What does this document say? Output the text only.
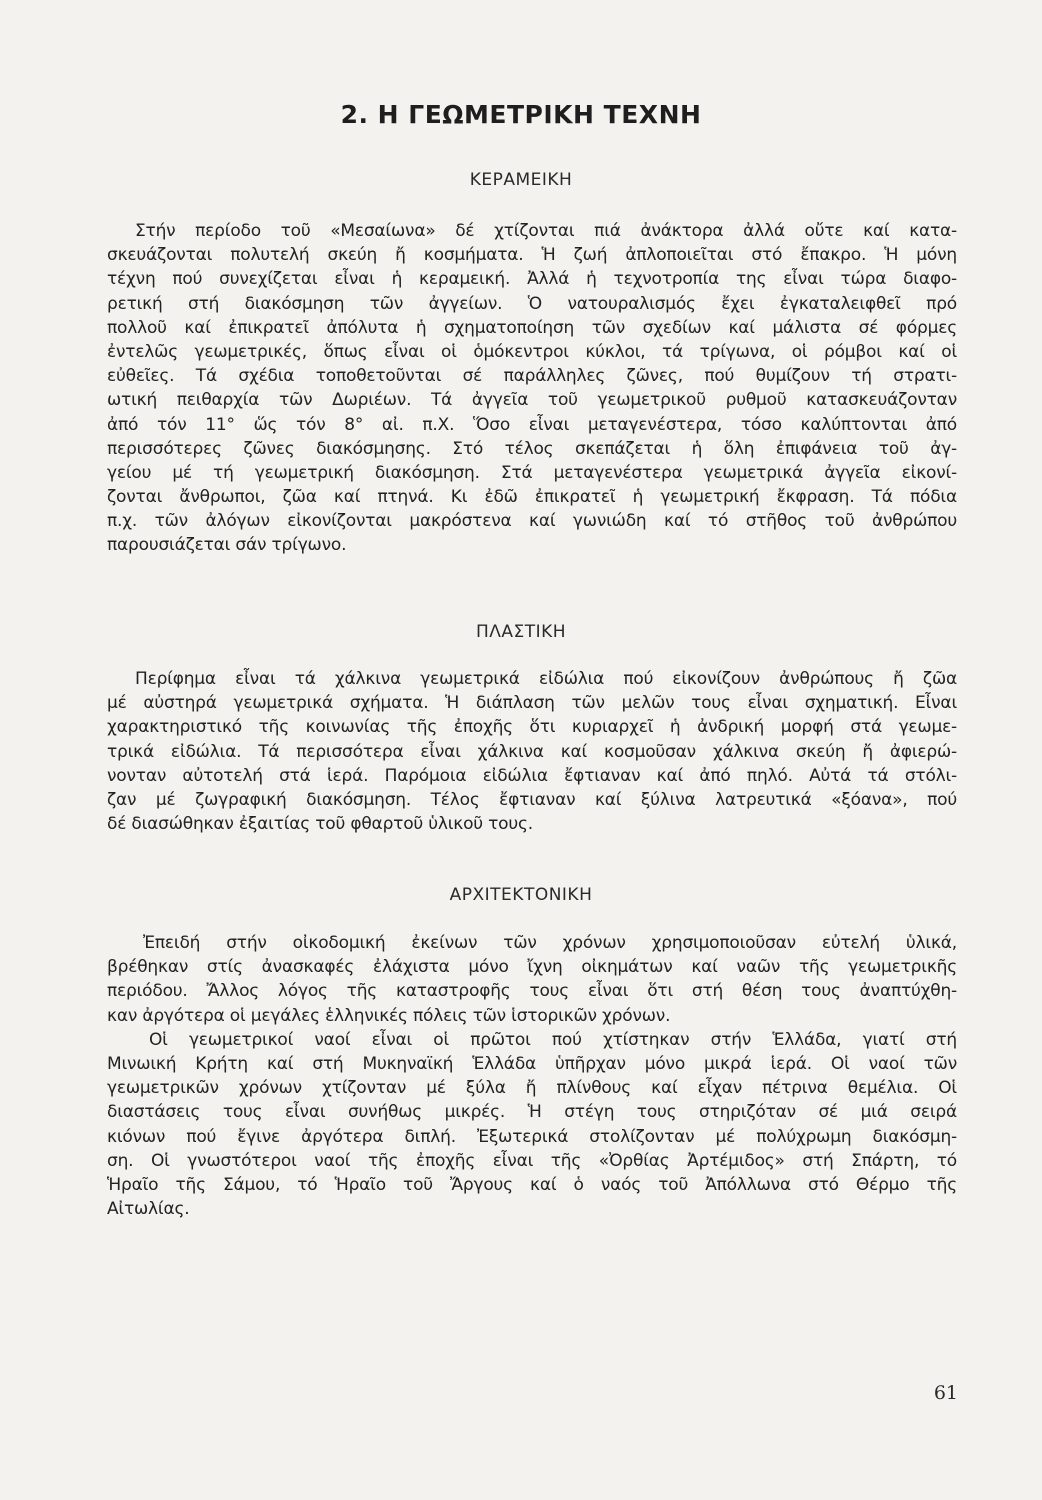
2. Η ΓΕΩΜΕΤΡΙΚΗ ΤΕΧΝΗ
ΚΕΡΑΜΕΙΚΗ
Στήν περίοδο τοῦ «Μεσαίωνα» δέ χτίζονται πιά ἀνάκτορα ἀλλά οὔτε καί κατα-
σκευάζονται πολυτελή σκεύη ἤ κοσμήματα. Ἡ ζωή ἀπλοποιεῖται στό ἔπακρο. Ἡ μόνη
τέχνη πού συνεχίζεται εἶναι ἡ κεραμεική. Ἀλλά ἡ τεχνοτροπία της εἶναι τώρα διαφο-
ρετική στή διακόσμηση τῶν ἀγγείων. Ὁ νατουραλισμός ἔχει ἐγκαταλειφθεῖ πρό
πολλοῦ καί ἐπικρατεῖ ἀπόλυτα ἡ σχηματοποίηση τῶν σχεδίων καί μάλιστα σέ φόρμες
ἐντελῶς γεωμετρικές, ὅπως εἶναι οἱ ὁμόκεντροι κύκλοι, τά τρίγωνα, οἱ ρόμβοι καί οἱ
εὐθεῖες. Τά σχέδια τοποθετοῦνται σέ παράλληλες ζῶνες, πού θυμίζουν τή στρατι-
ωτική πειθαρχία τῶν Δωριέων. Τά ἀγγεῖα τοῦ γεωμετρικοῦ ρυθμοῦ κατασκευάζονταν
ἀπό τόν 11° ὥς τόν 8° αἰ. π.Χ. Ὅσο εἶναι μεταγενέστερα, τόσο καλύπτονται ἀπό
περισσότερες ζῶνες διακόσμησης. Στό τέλος σκεπάζεται ἡ ὅλη ἐπιφάνεια τοῦ ἀγ-
γείου μέ τή γεωμετρική διακόσμηση. Στά μεταγενέστερα γεωμετρικά ἀγγεῖα εἰκονί-
ζονται ἄνθρωποι, ζῶα καί πτηνά. Κι ἐδῶ ἐπικρατεῖ ἡ γεωμετρική ἔκφραση. Τά πόδια
π.χ. τῶν ἀλόγων εἰκονίζονται μακρόστενα καί γωνιώδη καί τό στῆθος τοῦ ἀνθρώπου
παρουσιάζεται σάν τρίγωνο.
ΠΛΑΣΤΙΚΗ
Περίφημα εἶναι τά χάλκινα γεωμετρικά εἰδώλια πού εἰκονίζουν ἀνθρώπους ἤ ζῶα
μέ αὐστηρά γεωμετρικά σχήματα. Ἡ διάπλαση τῶν μελῶν τους εἶναι σχηματική. Εἶναι
χαρακτηριστικό τῆς κοινωνίας τῆς ἐποχῆς ὅτι κυριαρχεῖ ἡ ἀνδρική μορφή στά γεωμε-
τρικά εἰδώλια. Τά περισσότερα εἶναι χάλκινα καί κοσμοῦσαν χάλκινα σκεύη ἤ ἀφιερώ-
νονταν αὐτοτελή στά ἱερά. Παρόμοια εἰδώλια ἔφτιαναν καί ἀπό πηλό. Αὐτά τά στόλι-
ζαν μέ ζωγραφική διακόσμηση. Τέλος ἔφτιαναν καί ξύλινα λατρευτικά «ξόανα», πού
δέ διασώθηκαν ἐξαιτίας τοῦ φθαρτοῦ ὑλικοῦ τους.
ΑΡΧΙΤΕΚΤΟΝΙΚΗ
Ἐπειδή στήν οἰκοδομική ἐκείνων τῶν χρόνων χρησιμοποιοῦσαν εὐτελή ὑλικά,
βρέθηκαν στίς ἀνασκαφές ἐλάχιστα μόνο ἴχνη οἰκημάτων καί ναῶν τῆς γεωμετρικῆς
περιόδου. Ἄλλος λόγος τῆς καταστροφῆς τους εἶναι ὅτι στή θέση τους ἀναπτύχθη-
καν ἀργότερα οἱ μεγάλες ἑλληνικές πόλεις τῶν ἱστορικῶν χρόνων.
Οἱ γεωμετρικοί ναοί εἶναι οἱ πρῶτοι πού χτίστηκαν στήν Ἑλλάδα, γιατί στή
Μινωική Κρήτη καί στή Μυκηναϊκή Ἑλλάδα ὑπῆρχαν μόνο μικρά ἱερά. Οἱ ναοί τῶν
γεωμετρικῶν χρόνων χτίζονταν μέ ξύλα ἤ πλίνθους καί εἶχαν πέτρινα θεμέλια. Οἱ
διαστάσεις τους εἶναι συνήθως μικρές. Ἡ στέγη τους στηριζόταν σέ μιά σειρά
κιόνων πού ἔγινε ἀργότερα διπλή. Ἐξωτερικά στολίζονταν μέ πολύχρωμη διακόσμη-
ση. Οἱ γνωστότεροι ναοί τῆς ἐποχῆς εἶναι τῆς «Ὀρθίας Ἀρτέμιδος» στή Σπάρτη, τό
Ἡραῖο τῆς Σάμου, τό Ἡραῖο τοῦ Ἄργους καί ὁ ναός τοῦ Ἀπόλλωνα στό Θέρμο τῆς
Αἰτωλίας.
61
